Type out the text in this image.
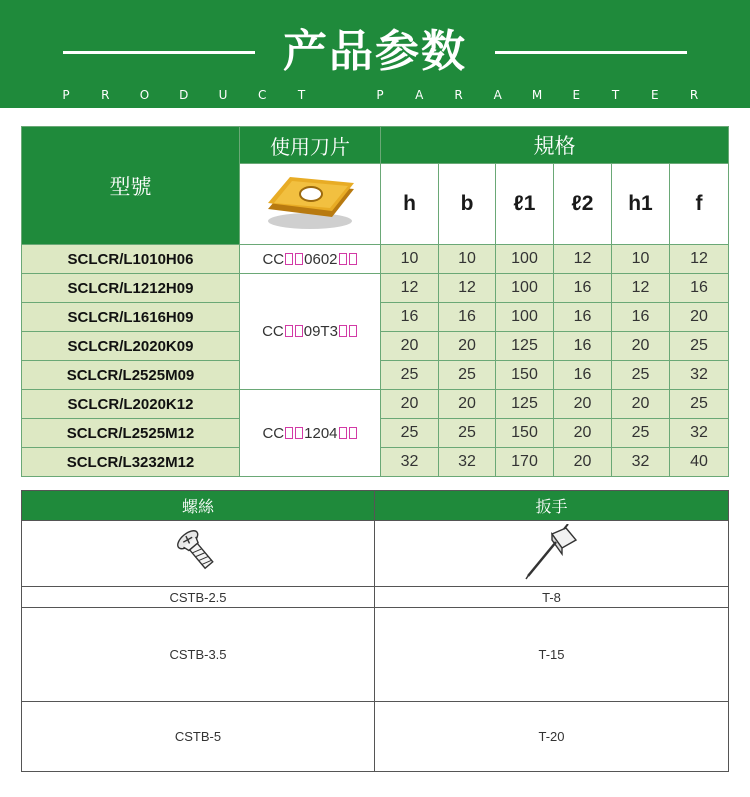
产品参数
P	R	O D	U	C	T	P	A	R	A M	E	T	E	R
型號	使用刀片	規格					
	h	b	ℓ1	ℓ2	h1	f
SCLCR/L1010H06	CC 0602	10	10	100	12	10	12
SCLCR/L1212H09	CC 09T3	12	12	100	16	12	16
SCLCR/L1616H09		16	16	100	16	16	20
SCLCR/L2020K09		20	20	125	16	20	25
SCLCR/L2525M09		25	25	150	16	25	32
SCLCR/L2020K12	CC 1204	20	20	125	20	20	25
SCLCR/L2525M12		25	25	150	20	25	32
SCLCR/L3232M12		32	32	170	20	32	40
螺絲	扳手

CSTB-2.5	T-8
CSTB-3.5	T-15
CSTB-5	T-20
